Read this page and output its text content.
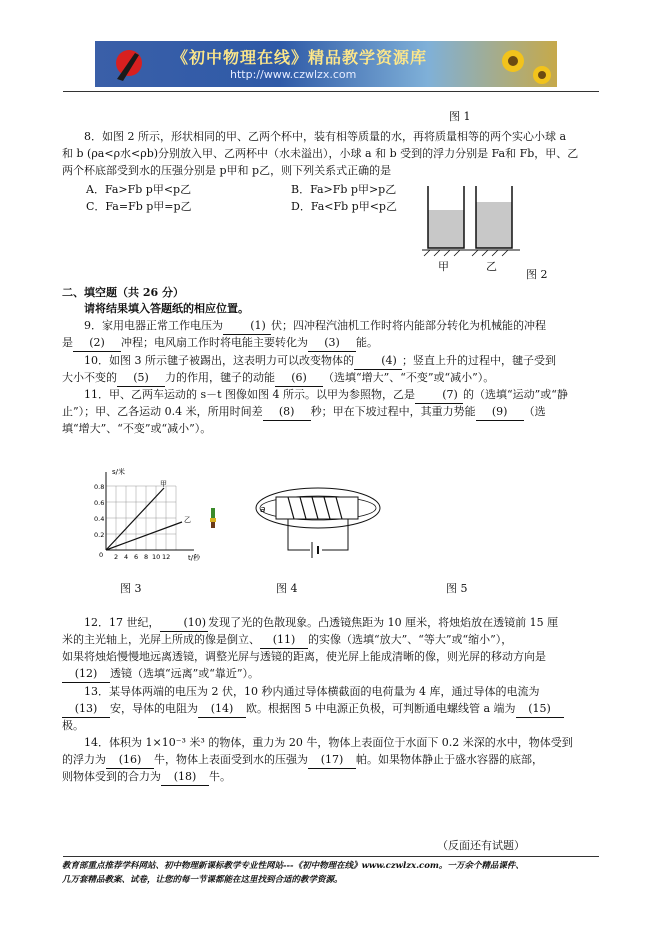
《初中物理在线》精品教学资源库
http://www.czwlzx.com
图 1
8．如图 2 所示，形状相同的甲、乙两个杯中，装有相等质量的水，再将质量相等的两个实心小球 a
和 b (ρa<ρ水<ρb)分别放入甲、乙两杯中（水未溢出），小球 a 和 b 受到的浮力分别是 Fa和 Fb，甲、乙
两个杯底部受到水的压强分别是 p甲和 p乙，则下列关系式正确的是
A．Fa>Fb p甲<p乙	B．Fa>Fb p甲>p乙
C．Fa=Fb p甲=p乙	D．Fa<Fb p甲<p乙
甲	乙
图 2
二、填空题（共 26 分）
请将结果填入答题纸的相应位置。
9．家用电器正常工作电压为 (1) 伏；四冲程汽油机工作时将内能部分转化为机械能的冲程
是 (2) 冲程；电风扇工作时将电能主要转化为 (3) 能。
10．如图 3 所示毽子被踢出，这表明力可以改变物体的 (4) ；竖直上升的过程中，毽子受到
大小不变的 (5) 力的作用，毽子的动能 (6) （选填“增大”、“不变”或“减小”）。
11．甲、乙两车运动的 s－t 图像如图 4 所示。以甲为参照物，乙是 (7) 的（选填“运动”或“静
止”）；甲、乙各运动 0.4 米，所用时间差 (8) 秒；甲在下坡过程中，其重力势能 (9) （选
填“增大”、“不变”或“减小”）。
s/米
t/秒
0.8
0.6
0.4
0.2
0 2 4 6 8 10 12
甲
乙
a
图 3	图 4	图 5
12．17 世纪， (10) 发现了光的色散现象。凸透镜焦距为 10 厘米，将烛焰放在透镜前 15 厘
米的主光轴上，光屏上所成的像是倒立、 (11) 的实像（选填“放大”、“等大”或“缩小”），
如果将烛焰慢慢地远离透镜，调整光屏与透镜的距离，使光屏上能成清晰的像，则光屏的移动方向是
(12) 透镜（选填“远离”或“靠近”）。
13．某导体两端的电压为 2 伏，10 秒内通过导体横截面的电荷量为 4 库，通过导体的电流为
(13) 安，导体的电阻为 (14) 欧。根据图 5 中电源正负极，可判断通电螺线管 a 端为 (15)
极。
14．体积为 1×10⁻³ 米³ 的物体，重力为 20 牛，物体上表面位于水面下 0.2 米深的水中，物体受到
的浮力为 (16) 牛，物体上表面受到水的压强为 (17) 帕。如果物体静止于盛水容器的底部，
则物体受到的合力为 (18) 牛。
（反面还有试题）
教育部重点推荐学科网站、初中物理新课标教学专业性网站---《初中物理在线》www.czwlzx.com。一万余个精品课件、
几万套精品教案、试卷，让您的每一节课都能在这里找到合适的教学资源。
